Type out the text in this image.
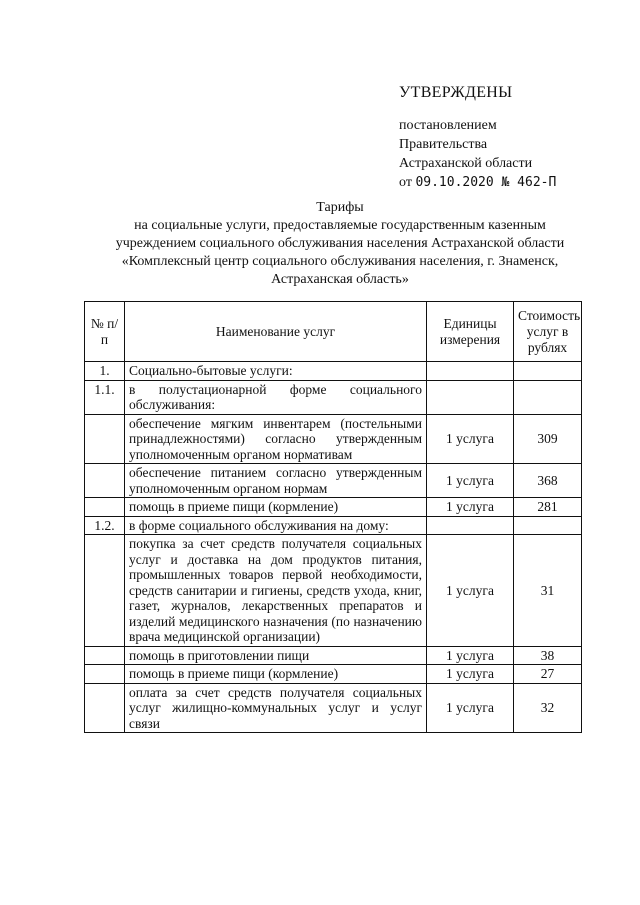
УТВЕРЖДЕНЫ
постановлением
Правительства
Астраханской области
от 09.10.2020 № 462-П
Тарифы
на социальные услуги, предоставляемые государственным казенным
учреждением социального обслуживания населения Астраханской области
«Комплексный центр социального обслуживания населения, г. Знаменск,
Астраханская область»
№ п/п	Наименование услуг	Единицы измерения	Стоимость услуг в рублях
1.	Социально-бытовые услуги:		
1.1.	в полустационарной форме социального обслуживания:		
	обеспечение мягким инвентарем (постельными принадлежностями) согласно утвержденным уполномоченным органом нормативам	1 услуга	309
	обеспечение питанием согласно утвержденным уполномоченным органом нормам	1 услуга	368
	помощь в приеме пищи (кормление)	1 услуга	281
1.2.	в форме социального обслуживания на дому:		
	покупка за счет средств получателя социальных услуг и доставка на дом продуктов питания, промышленных товаров первой необходимости, средств санитарии и гигиены, средств ухода, книг, газет, журналов, лекарственных препаратов и изделий медицинского назначения (по назначению врача медицинской организации)	1 услуга	31
	помощь в приготовлении пищи	1 услуга	38
	помощь в приеме пищи (кормление)	1 услуга	27
	оплата за счет средств получателя социальных услуг жилищно-коммунальных услуг и услуг связи	1 услуга	32
